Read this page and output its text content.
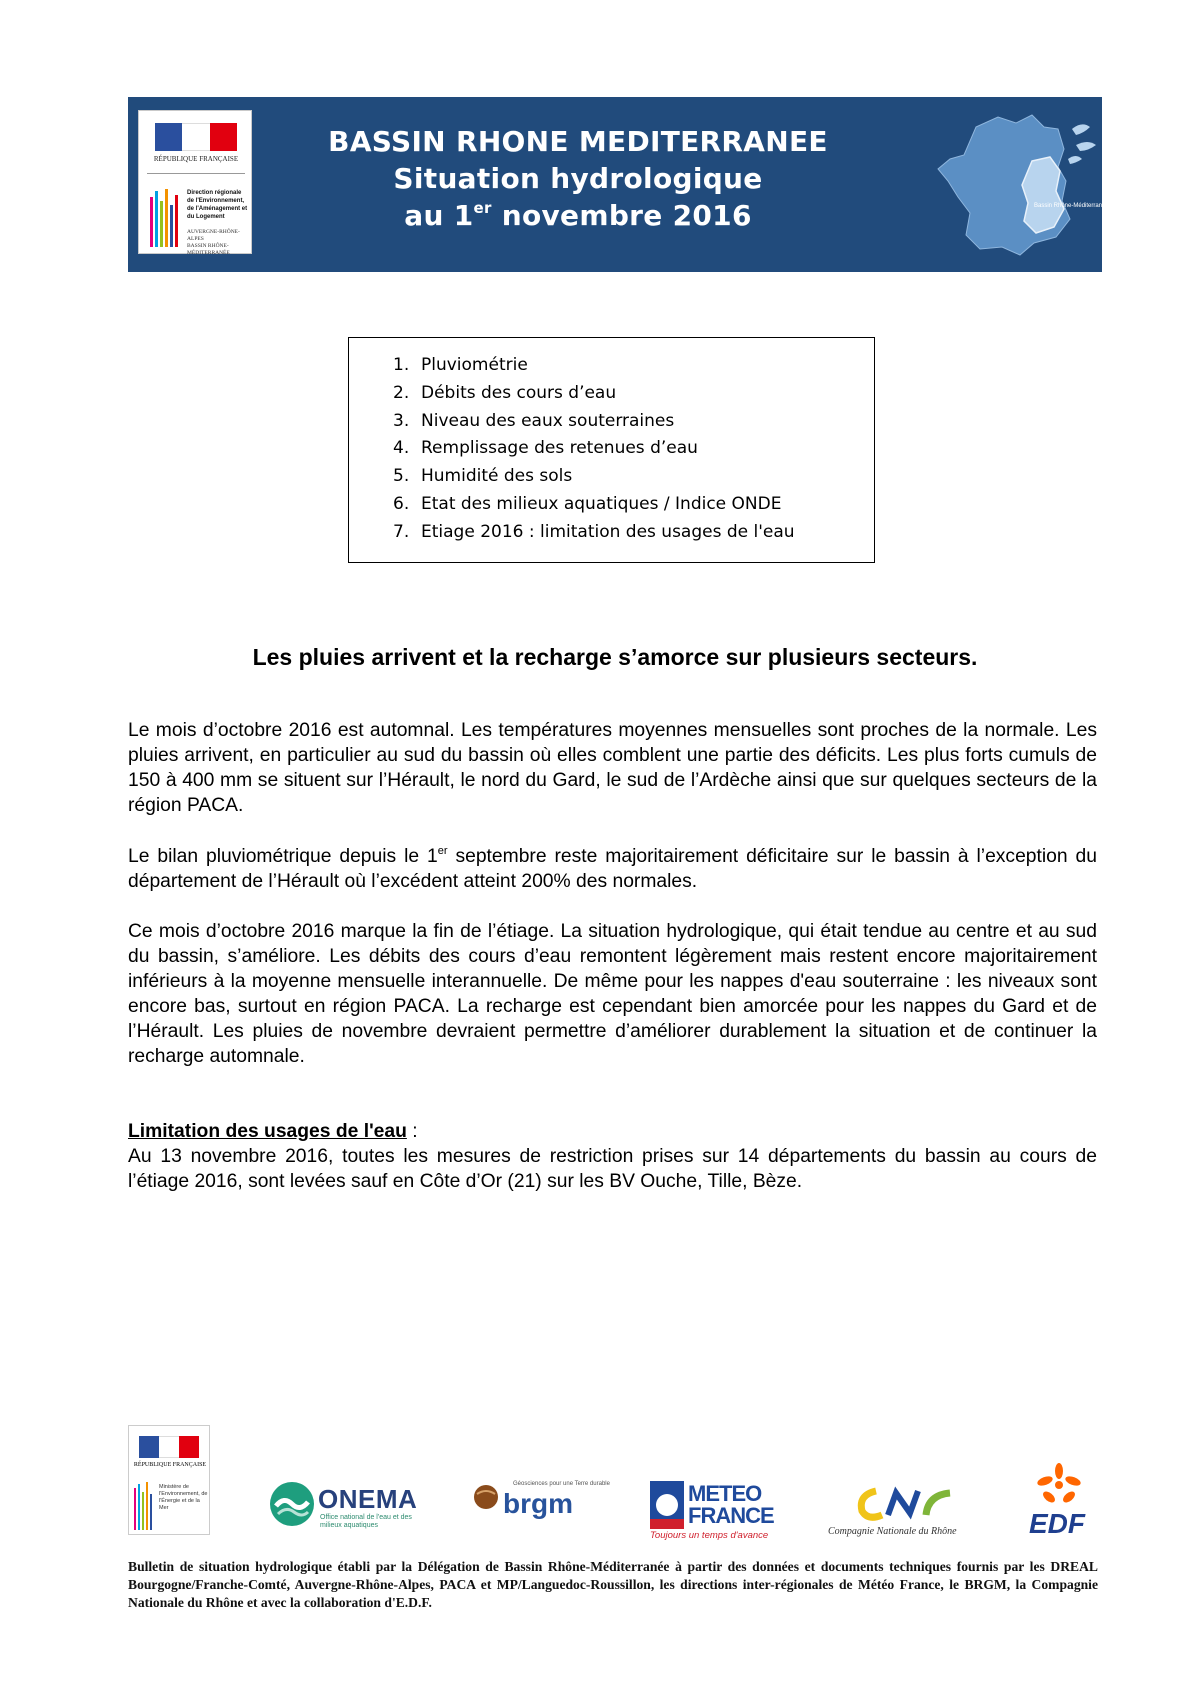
RÉPUBLIQUE FRANÇAISE
Direction régionale de l'Environnement, de l'Aménagement et du Logement
AUVERGNE-RHÔNE-ALPES
BASSIN RHÔNE-MÉDITERRANÉE
BASSIN RHONE MEDITERRANEE
Situation hydrologique
au 1er novembre 2016	Bassin Rhône-Méditerranée
1. Pluviométrie
2. Débits des cours d’eau
3. Niveau des eaux souterraines
4. Remplissage des retenues d’eau
5. Humidité des sols
6. Etat des milieux aquatiques / Indice ONDE
7. Etiage 2016 : limitation des usages de l'eau
Les pluies arrivent et la recharge s’amorce sur plusieurs secteurs.

Le mois d’octobre 2016 est automnal. Les températures moyennes mensuelles sont proches de la normale. Les pluies arrivent, en particulier au sud du bassin où elles comblent une partie des déficits. Les plus forts cumuls de 150 à 400 mm se situent sur l’Hérault, le nord du Gard, le sud de l’Ardèche ainsi que sur quelques secteurs de la région PACA.

Le bilan pluviométrique depuis le 1er septembre reste majoritairement déficitaire sur le bassin à l’exception du département de l’Hérault où l’excédent atteint 200% des normales.

Ce mois d’octobre 2016 marque la fin de l’étiage. La situation hydrologique, qui était tendue au centre et au sud du bassin, s’améliore. Les débits des cours d’eau remontent légèrement mais restent encore majoritairement inférieurs à la moyenne mensuelle interannuelle. De même pour les nappes d'eau souterraine : les niveaux sont encore bas, surtout en région PACA. La recharge est cependant bien amorcée pour les nappes du Gard et de l’Hérault. Les pluies de novembre devraient permettre d’améliorer durablement la situation et de continuer la recharge automnale.

Limitation des usages de l'eau :

Au 13 novembre 2016, toutes les mesures de restriction prises sur 14 départements du bassin au cours de l’étiage 2016, sont levées sauf en Côte d’Or (21) sur les BV Ouche, Tille, Bèze.

RÉPUBLIQUE FRANÇAISE
Ministère de l'Environnement, de l'Énergie et de la Mer	ONEMA
Office national de l'eau et des milieux aquatiques
Géosciences pour une Terre durable
brgm	METEO
FRANCE
Toujours un temps d'avance	Compagnie Nationale du Rhône	EDF

Bulletin de situation hydrologique établi par la Délégation de Bassin Rhône-Méditerranée à partir des données et documents techniques fournis par les DREAL Bourgogne/Franche-Comté, Auvergne-Rhône-Alpes, PACA et MP/Languedoc-Roussillon, les directions inter-régionales de Météo France, le BRGM, la Compagnie Nationale du Rhône et avec la collaboration d'E.D.F.
